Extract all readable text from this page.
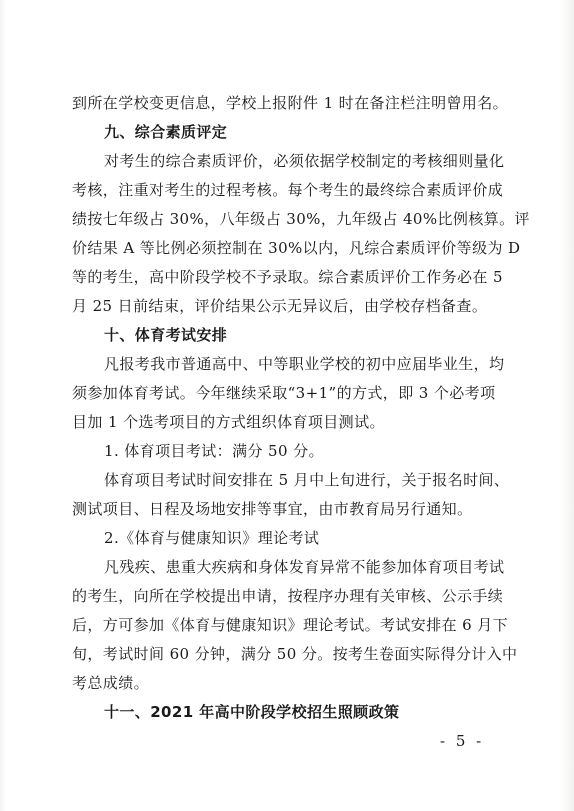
到所在学校变更信息，学校上报附件 1 时在备注栏注明曾用名。
九、综合素质评定
对考生的综合素质评价，必须依据学校制定的考核细则量化
考核，注重对考生的过程考核。每个考生的最终综合素质评价成
绩按七年级占 30%，八年级占 30%，九年级占 40%比例核算。评
价结果 A 等比例必须控制在 30%以内，凡综合素质评价等级为 D
等的考生，高中阶段学校不予录取。综合素质评价工作务必在 5
月 25 日前结束，评价结果公示无异议后，由学校存档备查。
十、体育考试安排
凡报考我市普通高中、中等职业学校的初中应届毕业生，均
须参加体育考试。今年继续采取“3+1”的方式，即 3 个必考项
目加 1 个选考项目的方式组织体育项目测试。
1. 体育项目考试：满分 50 分。
体育项目考试时间安排在 5 月中上旬进行，关于报名时间、
测试项目、日程及场地安排等事宜，由市教育局另行通知。
2.《体育与健康知识》理论考试
凡残疾、患重大疾病和身体发育异常不能参加体育项目考试
的考生，向所在学校提出申请，按程序办理有关审核、公示手续
后，方可参加《体育与健康知识》理论考试。考试安排在 6 月下
旬，考试时间 60 分钟，满分 50 分。按考生卷面实际得分计入中
考总成绩。
十一、2021 年高中阶段学校招生照顾政策
- 5 -
